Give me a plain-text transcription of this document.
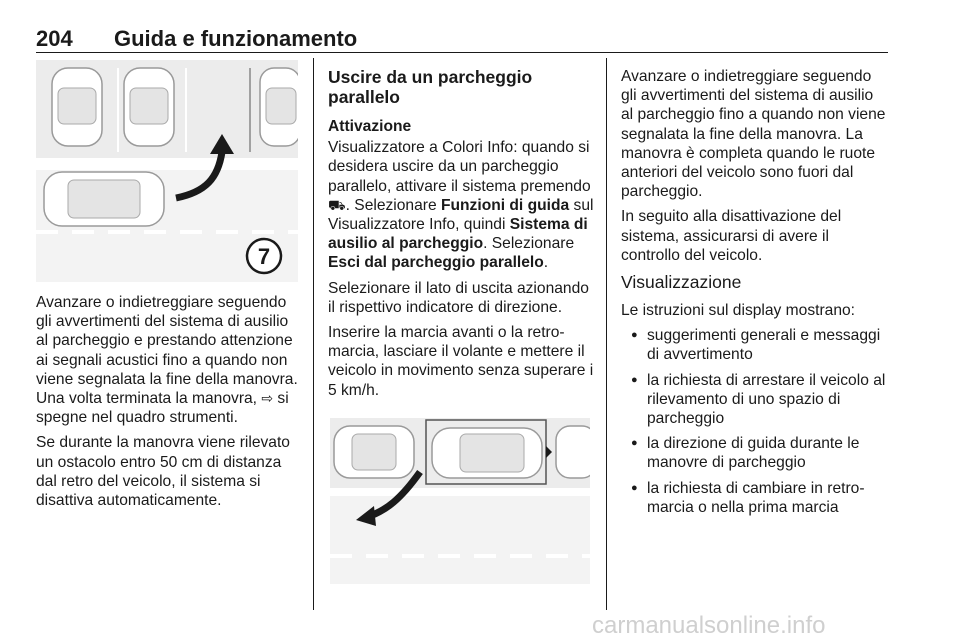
204 Guida e funzionamento
7

Avanzare o indietreggiare seguendo gli avvertimenti del sistema di ausilio al parcheggio e prestando attenzione ai segnali acustici fino a quando non viene segnalata la fine della manovra. Una volta terminata la manovra, ⇨ si spegne nel quadro strumenti.

Se durante la manovra viene rilevato un ostacolo entro 50 cm di distanza dal retro del veicolo, il sistema si disattiva automaticamente.

Uscire da un parcheggio parallelo
Attivazione

Visualizzatore a Colori Info: quando si desidera uscire da un parcheggio parallelo, attivare il sistema premendo ⛟. Selezionare Funzioni di guida sul Visualizzatore Info, quindi Sistema di ausilio al parcheggio. Selezionare Esci dal parcheggio parallelo.

Selezionare il lato di uscita azionando il rispettivo indicatore di direzione.

Inserire la marcia avanti o la retro-marcia, lasciare il volante e mettere il veicolo in movimento senza superare i 5 km/h.

Avanzare o indietreggiare seguendo gli avvertimenti del sistema di ausilio al parcheggio fino a quando non viene segnalata la fine della manovra. La manovra è completa quando le ruote anteriori del veicolo sono fuori dal parcheggio.

In seguito alla disattivazione del sistema, assicurarsi di avere il controllo del veicolo.

Visualizzazione

Le istruzioni sul display mostrano:

● suggerimenti generali e messaggi di avvertimento
● la richiesta di arrestare il veicolo al rilevamento di uno spazio di parcheggio
● la direzione di guida durante le manovre di parcheggio
● la richiesta di cambiare in retro-marcia o nella prima marcia
carmanualsonline.info
